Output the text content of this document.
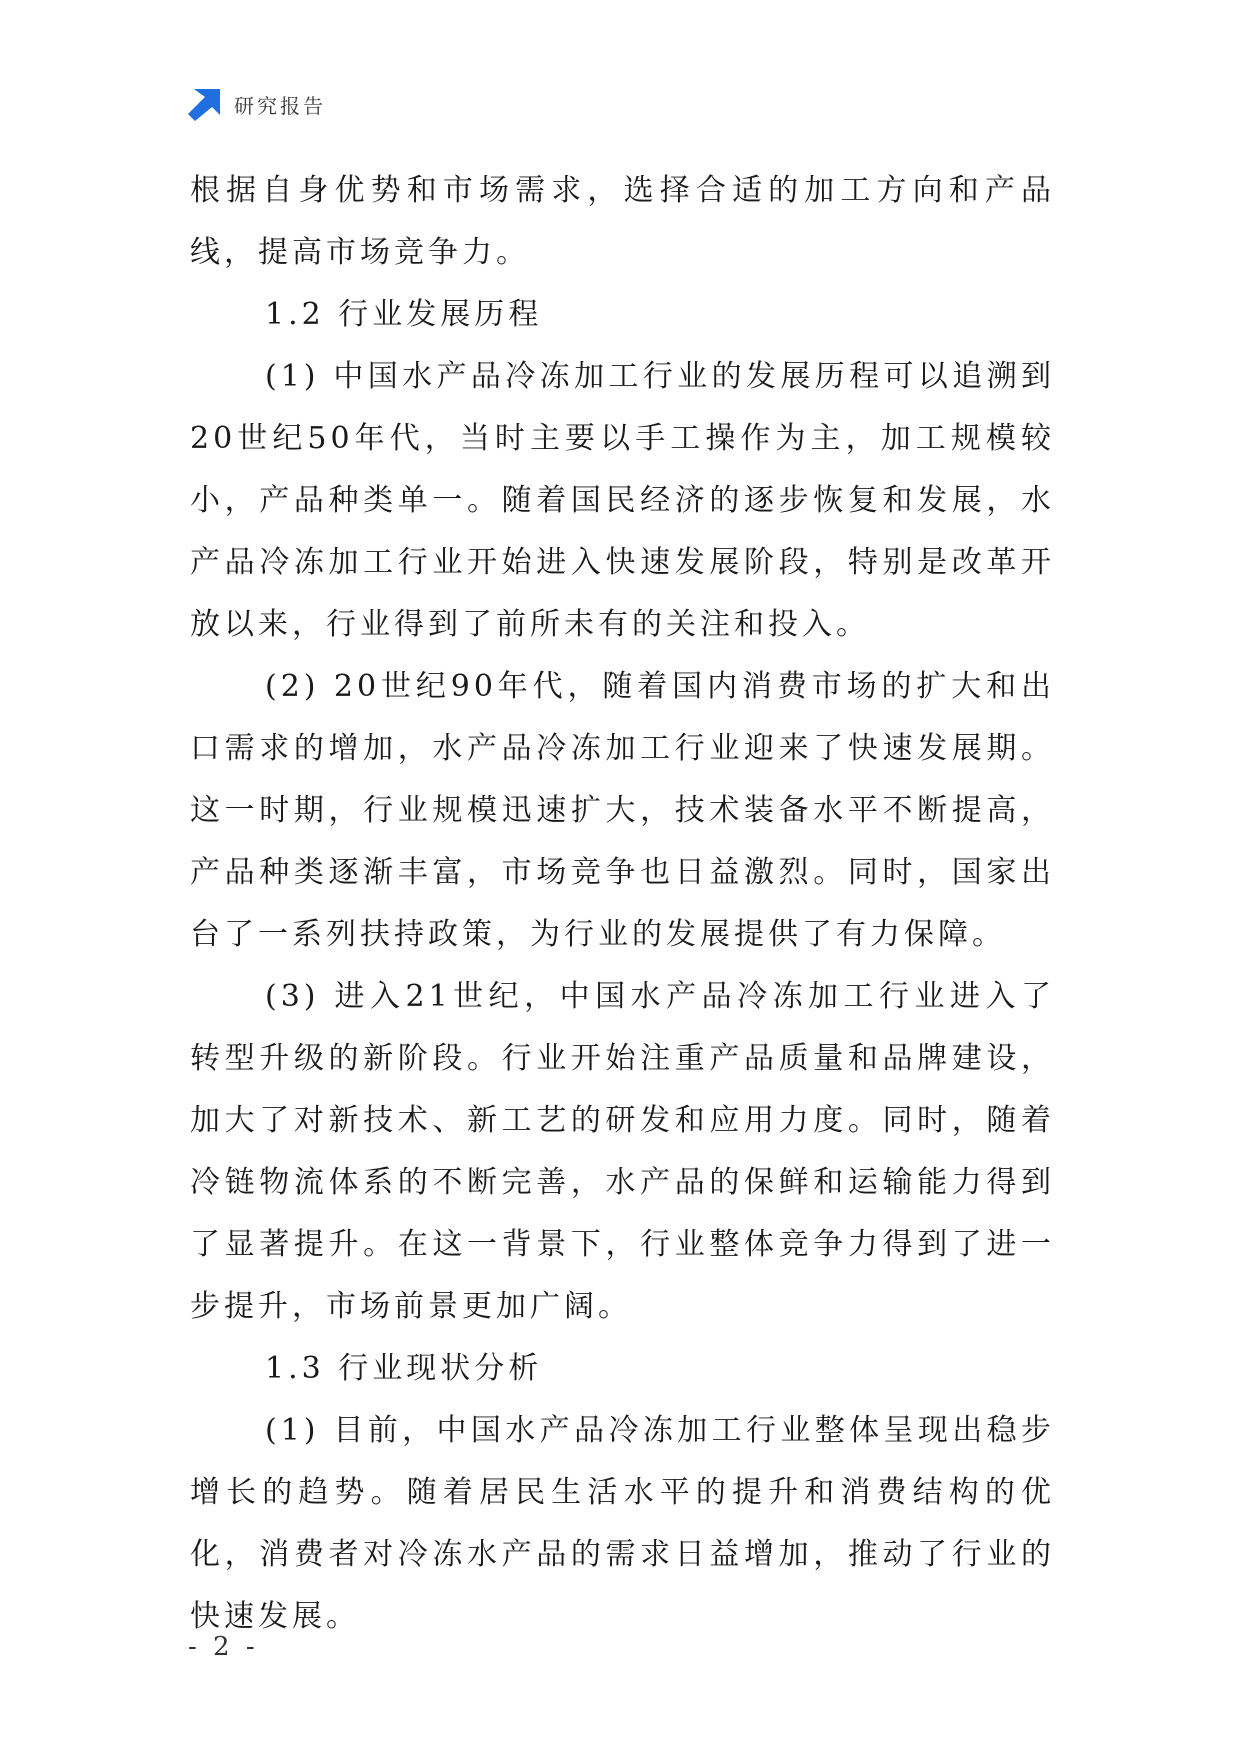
研究报告

根据自身优势和市场需求，选择合适的加工方向和产品线，提高市场竞争力。

1.2 行业发展历程

(1) 中国水产品冷冻加工行业的发展历程可以追溯到20世纪50年代，当时主要以手工操作为主，加工规模较小，产品种类单一。随着国民经济的逐步恢复和发展，水产品冷冻加工行业开始进入快速发展阶段，特别是改革开放以来，行业得到了前所未有的关注和投入。

(2) 20世纪90年代，随着国内消费市场的扩大和出口需求的增加，水产品冷冻加工行业迎来了快速发展期。这一时期，行业规模迅速扩大，技术装备水平不断提高，产品种类逐渐丰富，市场竞争也日益激烈。同时，国家出台了一系列扶持政策，为行业的发展提供了有力保障。

(3) 进入21世纪，中国水产品冷冻加工行业进入了转型升级的新阶段。行业开始注重产品质量和品牌建设，加大了对新技术、新工艺的研发和应用力度。同时，随着冷链物流体系的不断完善，水产品的保鲜和运输能力得到了显著提升。在这一背景下，行业整体竞争力得到了进一步提升，市场前景更加广阔。

1.3 行业现状分析

(1) 目前，中国水产品冷冻加工行业整体呈现出稳步增长的趋势。随着居民生活水平的提升和消费结构的优化，消费者对冷冻水产品的需求日益增加，推动了行业的快速发展。

- 2 -
